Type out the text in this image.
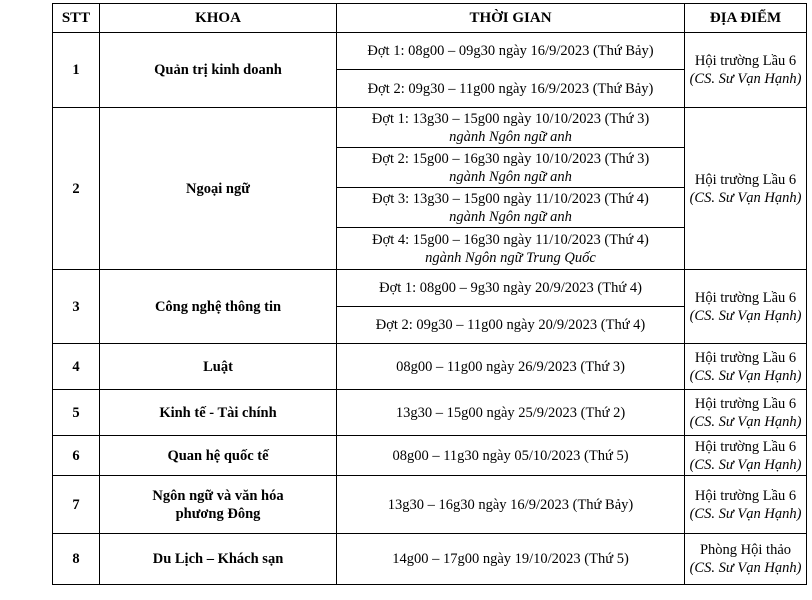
STT	KHOA	THỜI GIAN	ĐỊA ĐIỂM
1	Quản trị kinh doanh	Đợt 1: 08g00 – 09g30 ngày 16/9/2023 (Thứ Bảy)	Hội trường Lầu 6
(CS. Sư Vạn Hạnh)

		Đợt 2: 09g30 – 11g00 ngày 16/9/2023 (Thứ Bảy)	

2	Ngoại ngữ	Đợt 1: 13g30 – 15g00 ngày 10/10/2023 (Thứ 3)
ngành Ngôn ngữ anh	Hội trường Lầu 6
(CS. Sư Vạn Hạnh)

		Đợt 2: 15g00 – 16g30 ngày 10/10/2023 (Thứ 3)
ngành Ngôn ngữ anh	

		Đợt 3: 13g30 – 15g00 ngày 11/10/2023 (Thứ 4)
ngành Ngôn ngữ anh	

		Đợt 4: 15g00 – 16g30 ngày 11/10/2023 (Thứ 4)
ngành Ngôn ngữ Trung Quốc	

3	Công nghệ thông tin	Đợt 1: 08g00 – 9g30 ngày 20/9/2023 (Thứ 4)	Hội trường Lầu 6
(CS. Sư Vạn Hạnh)

		Đợt 2: 09g30 – 11g00 ngày 20/9/2023 (Thứ 4)	

4	Luật	08g00 – 11g00 ngày 26/9/2023 (Thứ 3)	Hội trường Lầu 6
(CS. Sư Vạn Hạnh)

5	Kinh tế - Tài chính	13g30 – 15g00 ngày 25/9/2023 (Thứ 2)	Hội trường Lầu 6
(CS. Sư Vạn Hạnh)

6	Quan hệ quốc tế	08g00 – 11g30 ngày 05/10/2023 (Thứ 5)	Hội trường Lầu 6
(CS. Sư Vạn Hạnh)

7	Ngôn ngữ và văn hóa phương Đông	13g30 – 16g30 ngày 16/9/2023 (Thứ Bảy)	Hội trường Lầu 6
(CS. Sư Vạn Hạnh)

8	Du Lịch – Khách sạn	14g00 – 17g00 ngày 19/10/2023 (Thứ 5)	Phòng Hội thảo
(CS. Sư Vạn Hạnh)
